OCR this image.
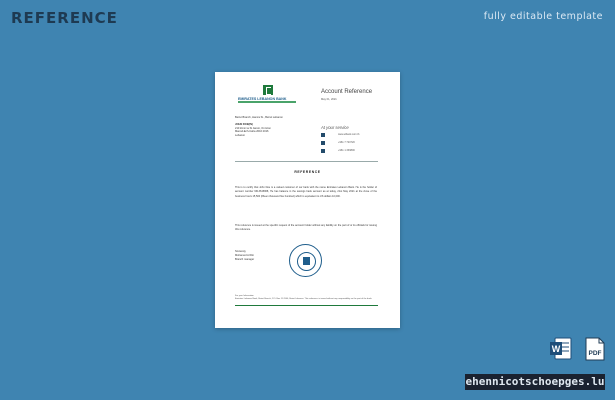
REFERENCE	fully editable template
EMIRATES LEBANON BANK
Account Reference
May 01, 2021
Beirut Branch, Hamra St., Beirut Lebanon
JOHN DOE(IN)
210 Zonn ta St Jarooi, On Hton
Marouf-Ech-Caha 2016 2016
Lebanon
At your service
www.elbank.com.lb
+961 7 720720
+961 1 339800
REFERENCE
This is to certify that John Doe is a valued customer of our bank with the name Emirates Lebanon Bank. He is the holder of account number 6313615968, He has balance in the savings bank account as at today, 21st May 2021 at the close of the business hours 15,500 (fifteen thousand five hundred) which is equivalent to US dollars 10,000.
This reference is issued at the specific request of the account holder without any liability on the part of or its officials for issuing this reference.
Sincerely,
Mohamed Al Din
Branch manager
For your Information
Emirates Lebanon Bank, Beirut Branch, P.O. Box 11-7000, Beirut Lebanon. This reference is issued without any responsibility on the part of the bank.
W	PDF
ehennicotschoepges.lu
